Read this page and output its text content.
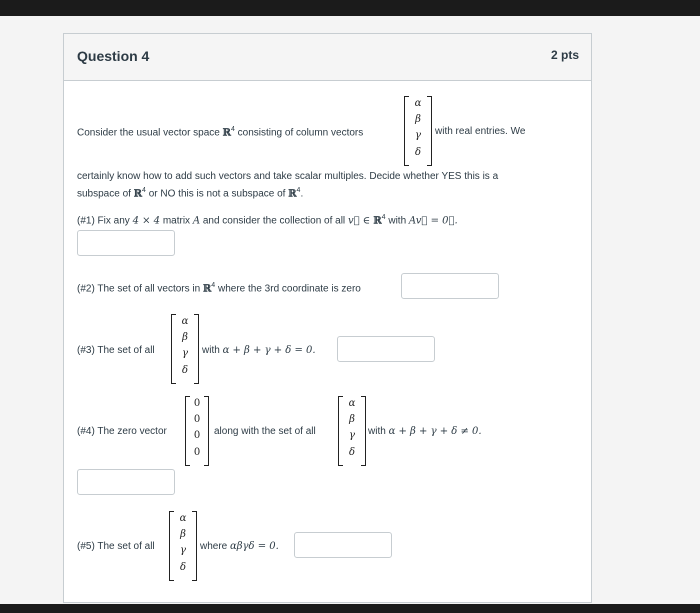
Question 4	2 pts
Consider the usual vector space ℝ$^4$ consisting of column vectors
α
β
γ
δ
with real entries. We
certainly know how to add such vectors and take scalar multiples. Decide whether YES this is a
subspace of ℝ$^4$ or NO this is not a subspace of ℝ$^4$.
(#1) Fix any 4 × 4 matrix A and consider the collection of all v⃗ ∈ ℝ$^4$ with Av⃗ = 0⃗.
(#2) The set of all vectors in ℝ$^4$ where the 3rd coordinate is zero
(#3) The set of all
α
β
γ
δ
with α + β + γ + δ = 0.
(#4) The zero vector
0
0
0
0
along with the set of all
α
β
γ
δ
with α + β + γ + δ ≠ 0.
(#5) The set of all
α
β
γ
δ
where αβγδ = 0.
